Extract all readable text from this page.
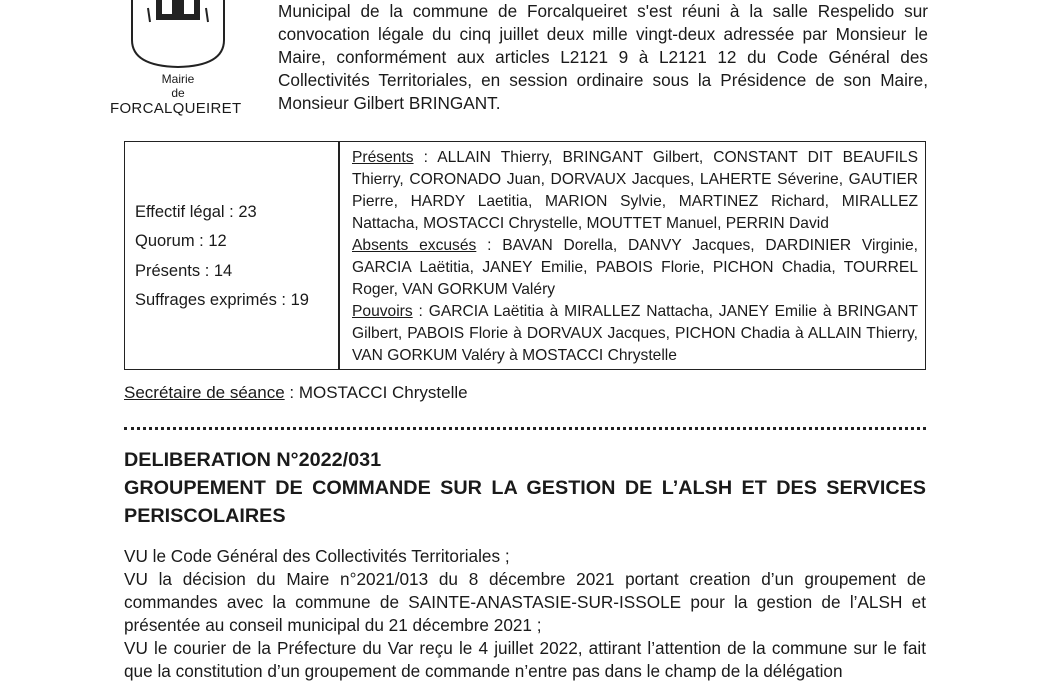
Mairie
de
FORCALQUEIRET

Municipal de la commune de Forcalqueiret s'est réuni à la salle Respelido sur convocation légale du cinq juillet deux mille vingt-deux adressée par Monsieur le Maire, conformément aux articles L2121 9 à L2121 12 du Code Général des Collectivités Territoriales, en session ordinaire sous la Présidence de son Maire, Monsieur Gilbert BRINGANT.

Effectif légal : 23
Quorum : 12
Présents : 14
Suffrages exprimés : 19

Présents : ALLAIN Thierry, BRINGANT Gilbert, CONSTANT DIT BEAUFILS Thierry, CORONADO Juan, DORVAUX Jacques, LAHERTE Séverine, GAUTIER Pierre, HARDY Laetitia, MARION Sylvie, MARTINEZ Richard, MIRALLEZ Nattacha, MOSTACCI Chrystelle, MOUTTET Manuel, PERRIN David

Absents excusés : BAVAN Dorella, DANVY Jacques, DARDINIER Virginie, GARCIA Laëtitia, JANEY Emilie, PABOIS Florie, PICHON Chadia, TOURREL Roger, VAN GORKUM Valéry

Pouvoirs : GARCIA Laëtitia à MIRALLEZ Nattacha, JANEY Emilie à BRINGANT Gilbert, PABOIS Florie à DORVAUX Jacques, PICHON Chadia à ALLAIN Thierry, VAN GORKUM Valéry à MOSTACCI Chrystelle

Secrétaire de séance : MOSTACCI Chrystelle

DELIBERATION N°2022/031

GROUPEMENT DE COMMANDE SUR LA GESTION DE L’ALSH ET DES SERVICES PERISCOLAIRES

VU le Code Général des Collectivités Territoriales ;

VU la décision du Maire n°2021/013 du 8 décembre 2021 portant creation d’un groupement de commandes avec la commune de SAINTE-ANASTASIE-SUR-ISSOLE pour la gestion de l’ALSH et présentée au conseil municipal du 21 décembre 2021 ;

VU le courier de la Préfecture du Var reçu le 4 juillet 2022, attirant l’attention de la commune sur le fait que la constitution d’un groupement de commande n’entre pas dans le champ de la délégation
